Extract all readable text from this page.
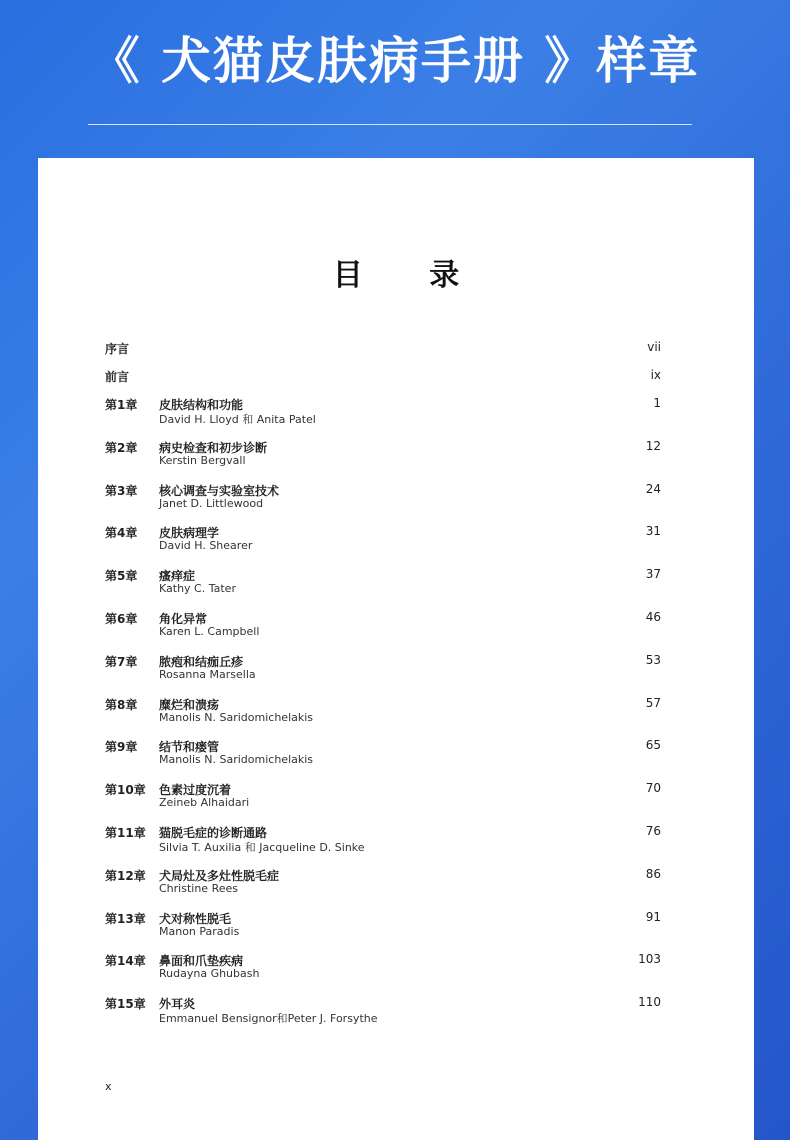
《 犬猫皮肤病手册 》样章
目 录
序言	vii
前言	ix
第1章 皮肤结构和功能
David H. Lloyd 和 Anita Patel
1
第2章 病史检查和初步诊断
Kerstin Bergvall
12
第3章 核心调查与实验室技术
Janet D. Littlewood
24
第4章 皮肤病理学
David H. Shearer
31
第5章 瘙痒症
Kathy C. Tater
37
第6章 角化异常
Karen L. Campbell
46
第7章 脓疱和结痂丘疹
Rosanna Marsella
53
第8章 糜烂和溃疡
Manolis N. Saridomichelakis
57
第9章 结节和瘘管
Manolis N. Saridomichelakis
65
第10章 色素过度沉着
Zeineb Alhaidari
70
第11章 猫脱毛症的诊断通路
Silvia T. Auxilia 和 Jacqueline D. Sinke
76
第12章 犬局灶及多灶性脱毛症
Christine Rees
86
第13章 犬对称性脱毛
Manon Paradis
91
第14章 鼻面和爪垫疾病
Rudayna Ghubash
103
第15章 外耳炎
Emmanuel Bensignor和Peter J. Forsythe
110
x
